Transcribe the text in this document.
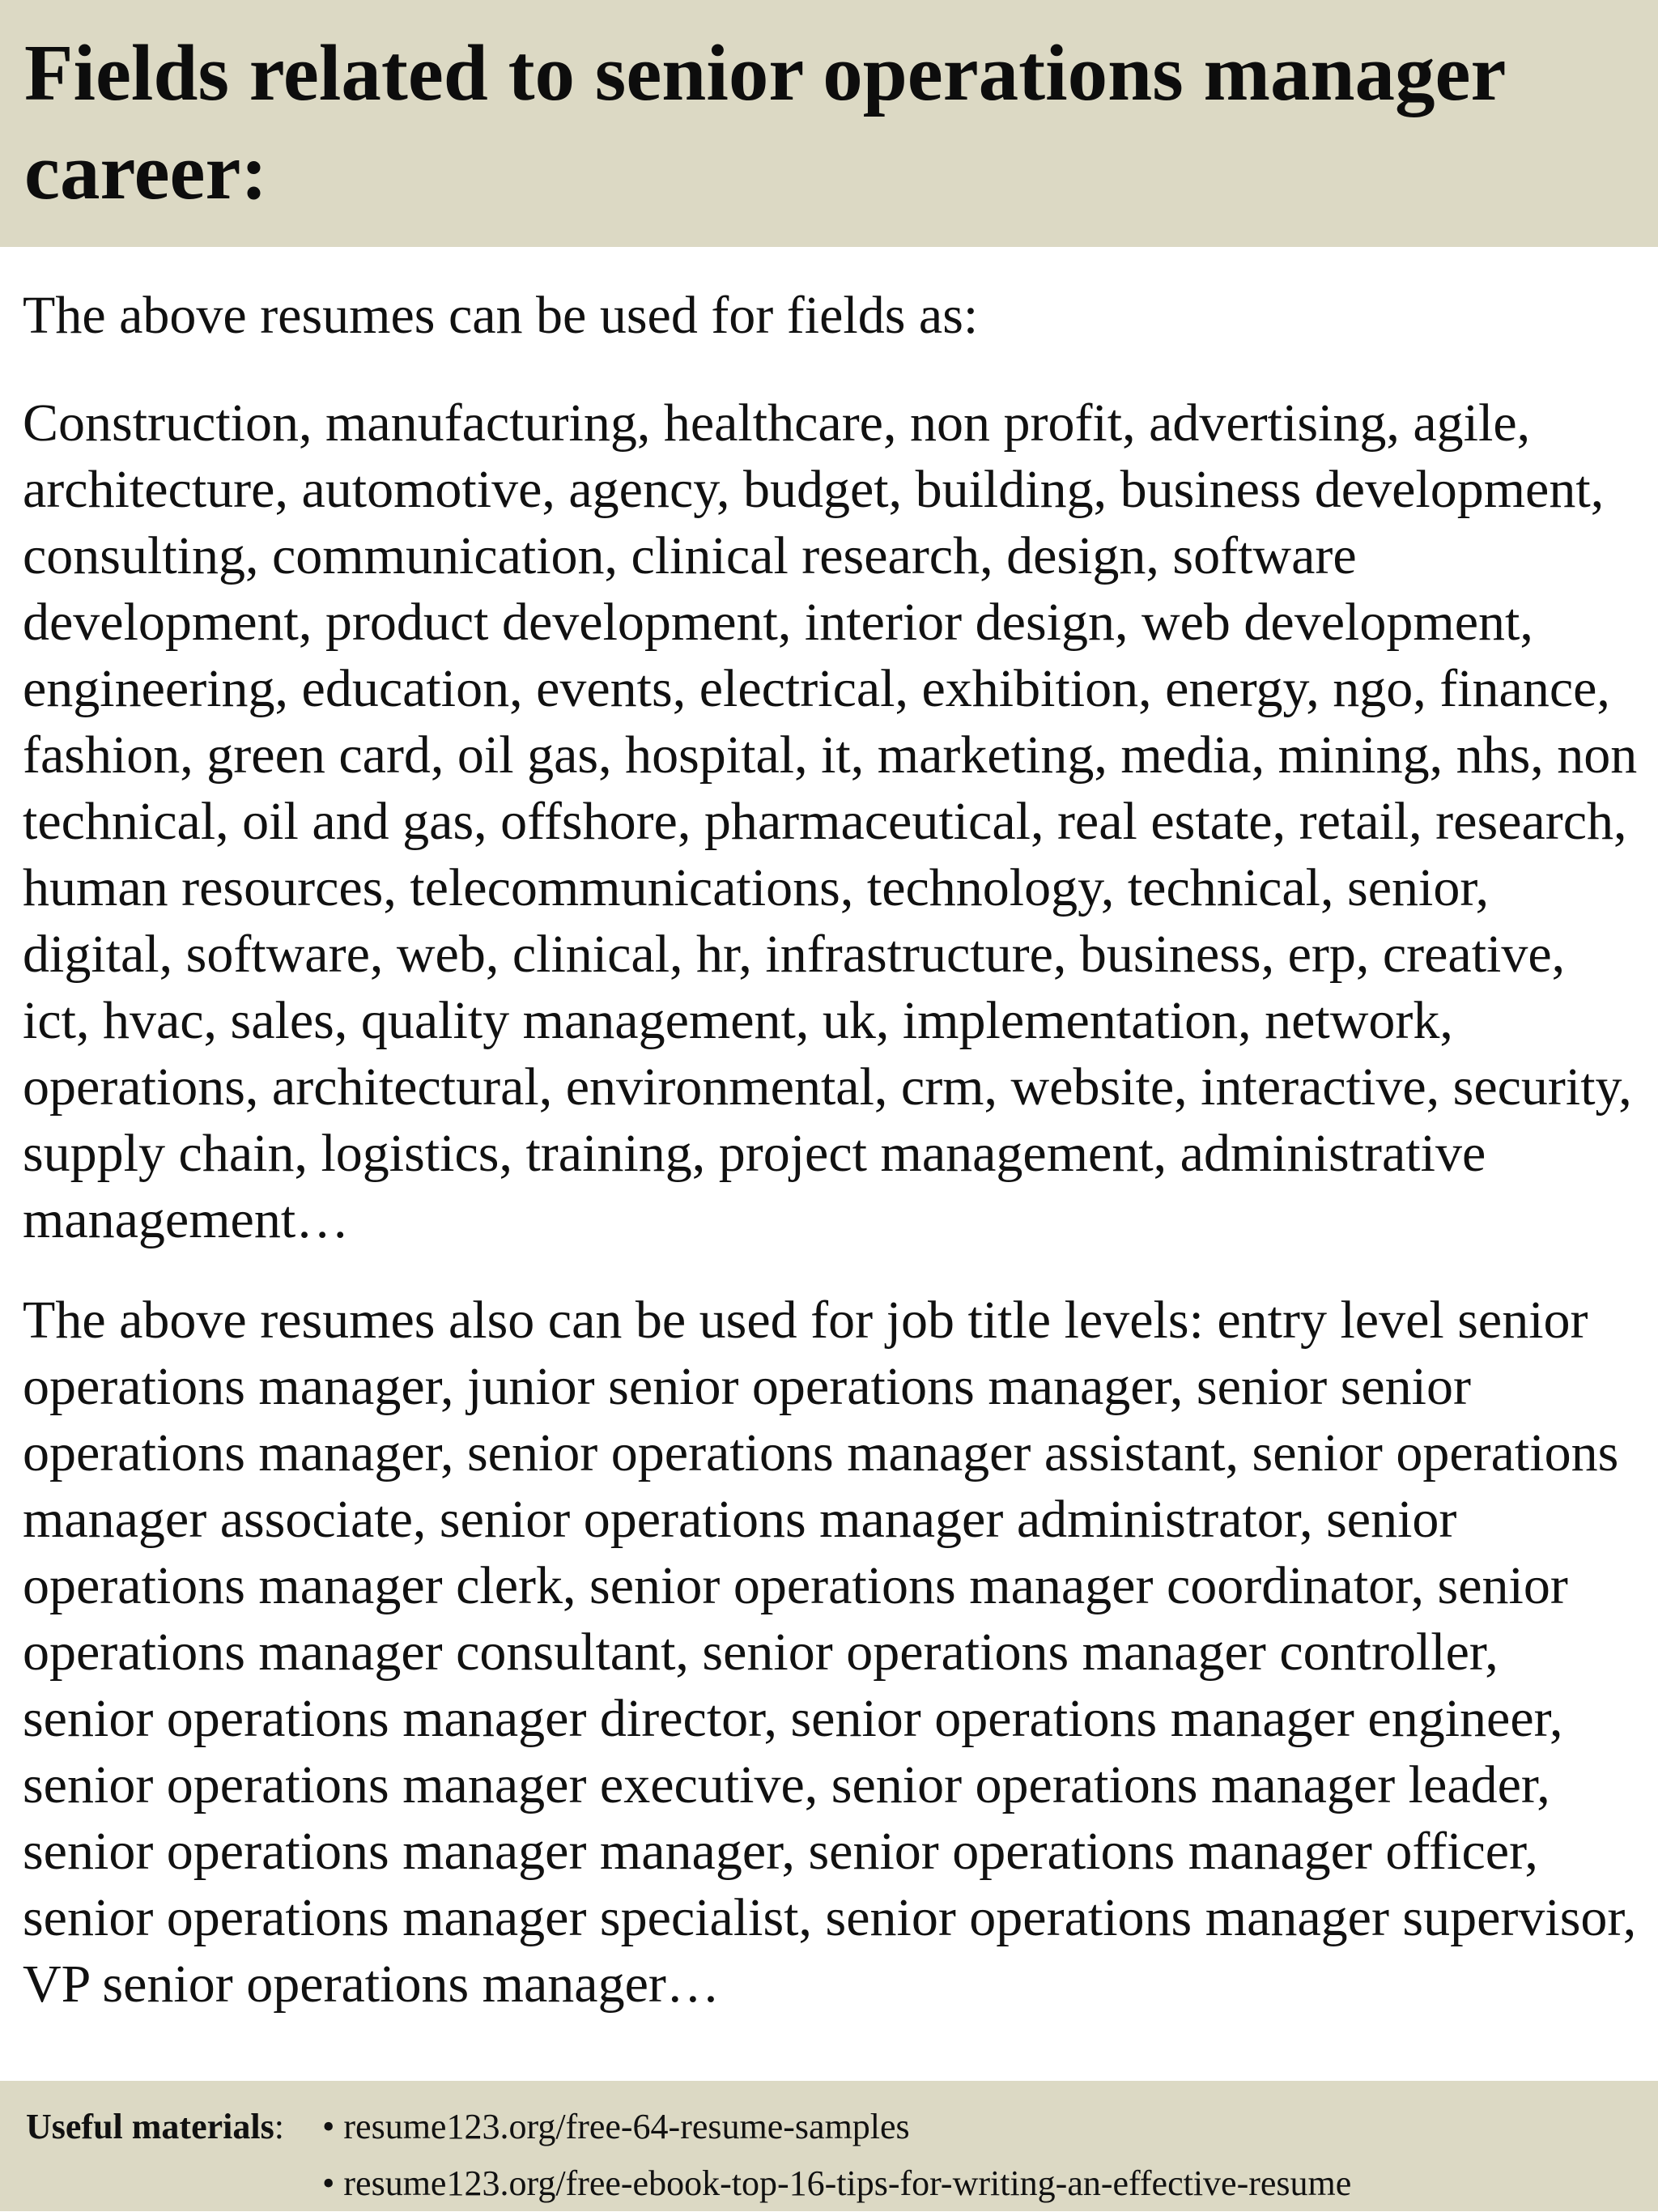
Fields related to senior operations manager career:

The above resumes can be used for fields as:

Construction, manufacturing, healthcare, non profit, advertising, agile, architecture, automotive, agency, budget, building, business development, consulting, communication, clinical research, design, software development, product development, interior design, web development, engineering, education, events, electrical, exhibition, energy, ngo, finance, fashion, green card, oil gas, hospital, it, marketing, media, mining, nhs, non technical, oil and gas, offshore, pharmaceutical, real estate, retail, research, human resources, telecommunications, technology, technical, senior, digital, software, web, clinical, hr, infrastructure, business, erp, creative, ict, hvac, sales, quality management, uk, implementation, network, operations, architectural, environmental, crm, website, interactive, security, supply chain, logistics, training, project management, administrative management…

The above resumes also can be used for job title levels: entry level senior operations manager, junior senior operations manager, senior senior operations manager, senior operations manager assistant, senior operations manager associate, senior operations manager administrator, senior operations manager clerk, senior operations manager coordinator, senior operations manager consultant, senior operations manager controller, senior operations manager director, senior operations manager engineer, senior operations manager executive, senior operations manager leader, senior operations manager manager, senior operations manager officer, senior operations manager specialist, senior operations manager supervisor, VP senior operations manager…

Useful materials: • resume123.org/free-64-resume-samples
• resume123.org/free-ebook-top-16-tips-for-writing-an-effective-resume
